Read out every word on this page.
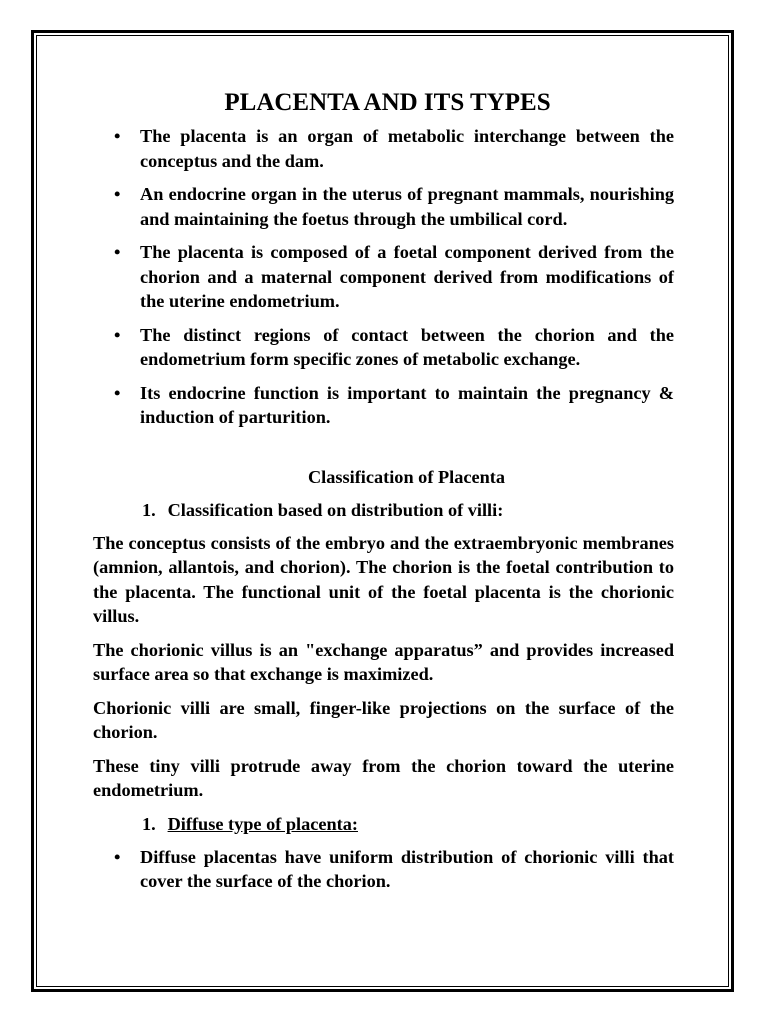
PLACENTA AND ITS TYPES
• The placenta is an organ of metabolic interchange between the conceptus and the dam.
• An endocrine organ in the uterus of pregnant mammals, nourishing and maintaining the foetus through the umbilical cord.
• The placenta is composed of a foetal component derived from the chorion and a maternal component derived from modifications of the uterine endometrium.
• The distinct regions of contact between the chorion and the endometrium form specific zones of metabolic exchange.
• Its endocrine function is important to maintain the pregnancy & induction of parturition.
Classification of Placenta
1. Classification based on distribution of villi:

The conceptus consists of the embryo and the extraembryonic membranes (amnion, allantois, and chorion). The chorion is the foetal contribution to the placenta. The functional unit of the foetal placenta is the chorionic villus.

The chorionic villus is an "exchange apparatus” and provides increased surface area so that exchange is maximized.

Chorionic villi are small, finger-like projections on the surface of the chorion.

These tiny villi protrude away from the chorion toward the uterine endometrium.

1. Diffuse type of placenta:
• Diffuse placentas have uniform distribution of chorionic villi that cover the surface of the chorion.
